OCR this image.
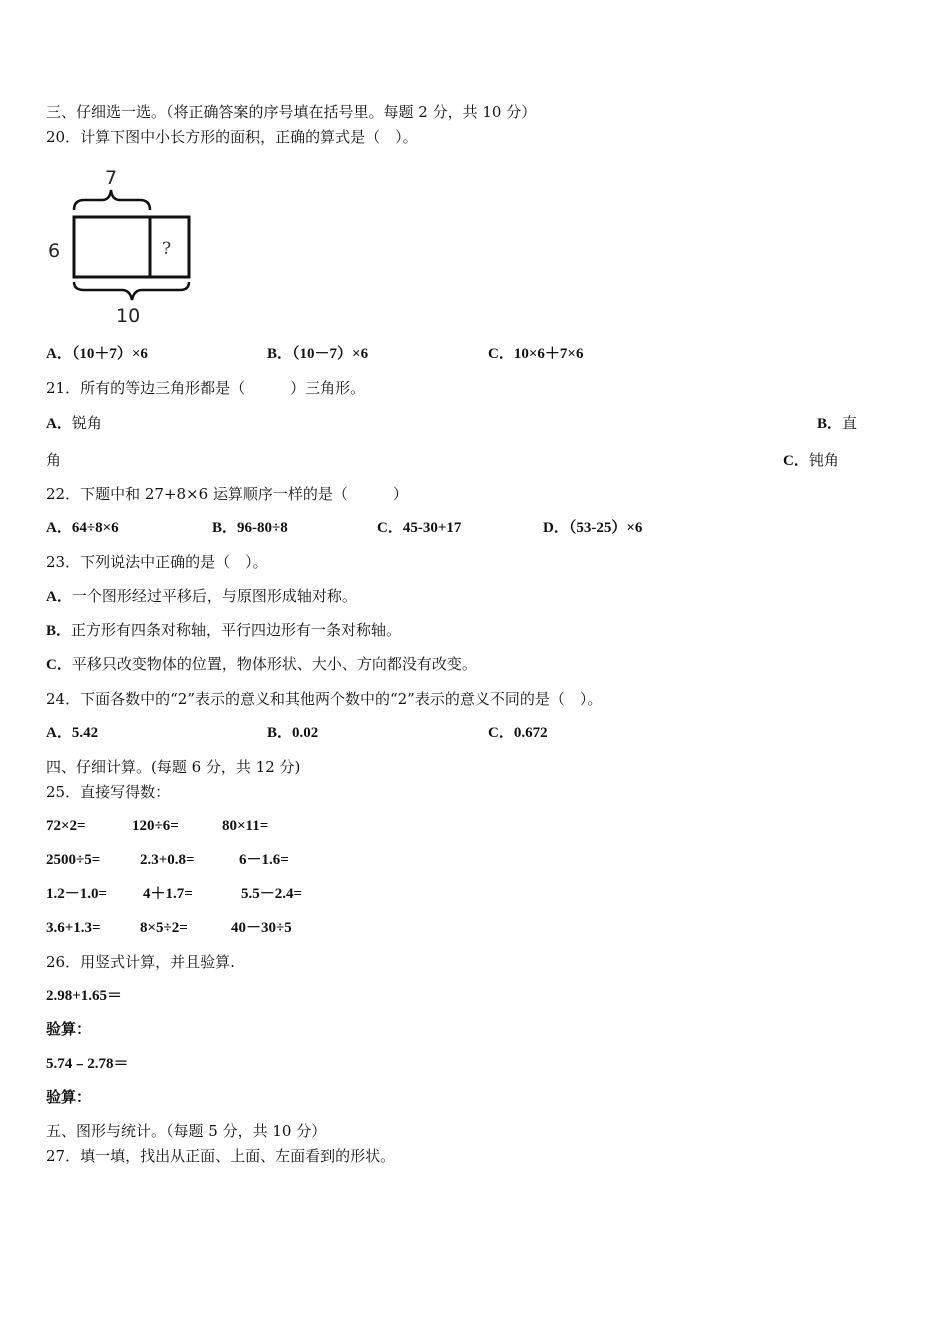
三、仔细选一选。（将正确答案的序号填在括号里。每题 2 分，共 10 分）
20．计算下图中小长方形的面积，正确的算式是（　）。
7
6
10
?
A．（10＋7）×6	B．（10－7）×6	C．10×6＋7×6
21．所有的等边三角形都是（　　　）三角形。
A．锐角	B．直
角	C．钝角
22．下题中和 27+8×6 运算顺序一样的是（　　　）
A．64÷8×6	B．96-80÷8	C．45-30+17	D．（53-25）×6
23．下列说法中正确的是（　）。
A．一个图形经过平移后，与原图形成轴对称。
B．正方形有四条对称轴，平行四边形有一条对称轴。
C．平移只改变物体的位置，物体形状、大小、方向都没有改变。
24．下面各数中的“2”表示的意义和其他两个数中的“2”表示的意义不同的是（　）。
A．5.42	B．0.02	C．0.672
四、仔细计算。(每题 6 分，共 12 分)
25．直接写得数：
72×2=	120÷6=	80×11=
2500÷5=	2.3+0.8=	6－1.6=
1.2－1.0= 4＋1.7=	5.5－2.4=
3.6+1.3=	8×5÷2=	40－30÷5
26．用竖式计算，并且验算.
2.98+1.65＝
验算：
5.74﹣2.78＝
验算：
五、图形与统计。（每题 5 分，共 10 分）
27．填一填，找出从正面、上面、左面看到的形状。
